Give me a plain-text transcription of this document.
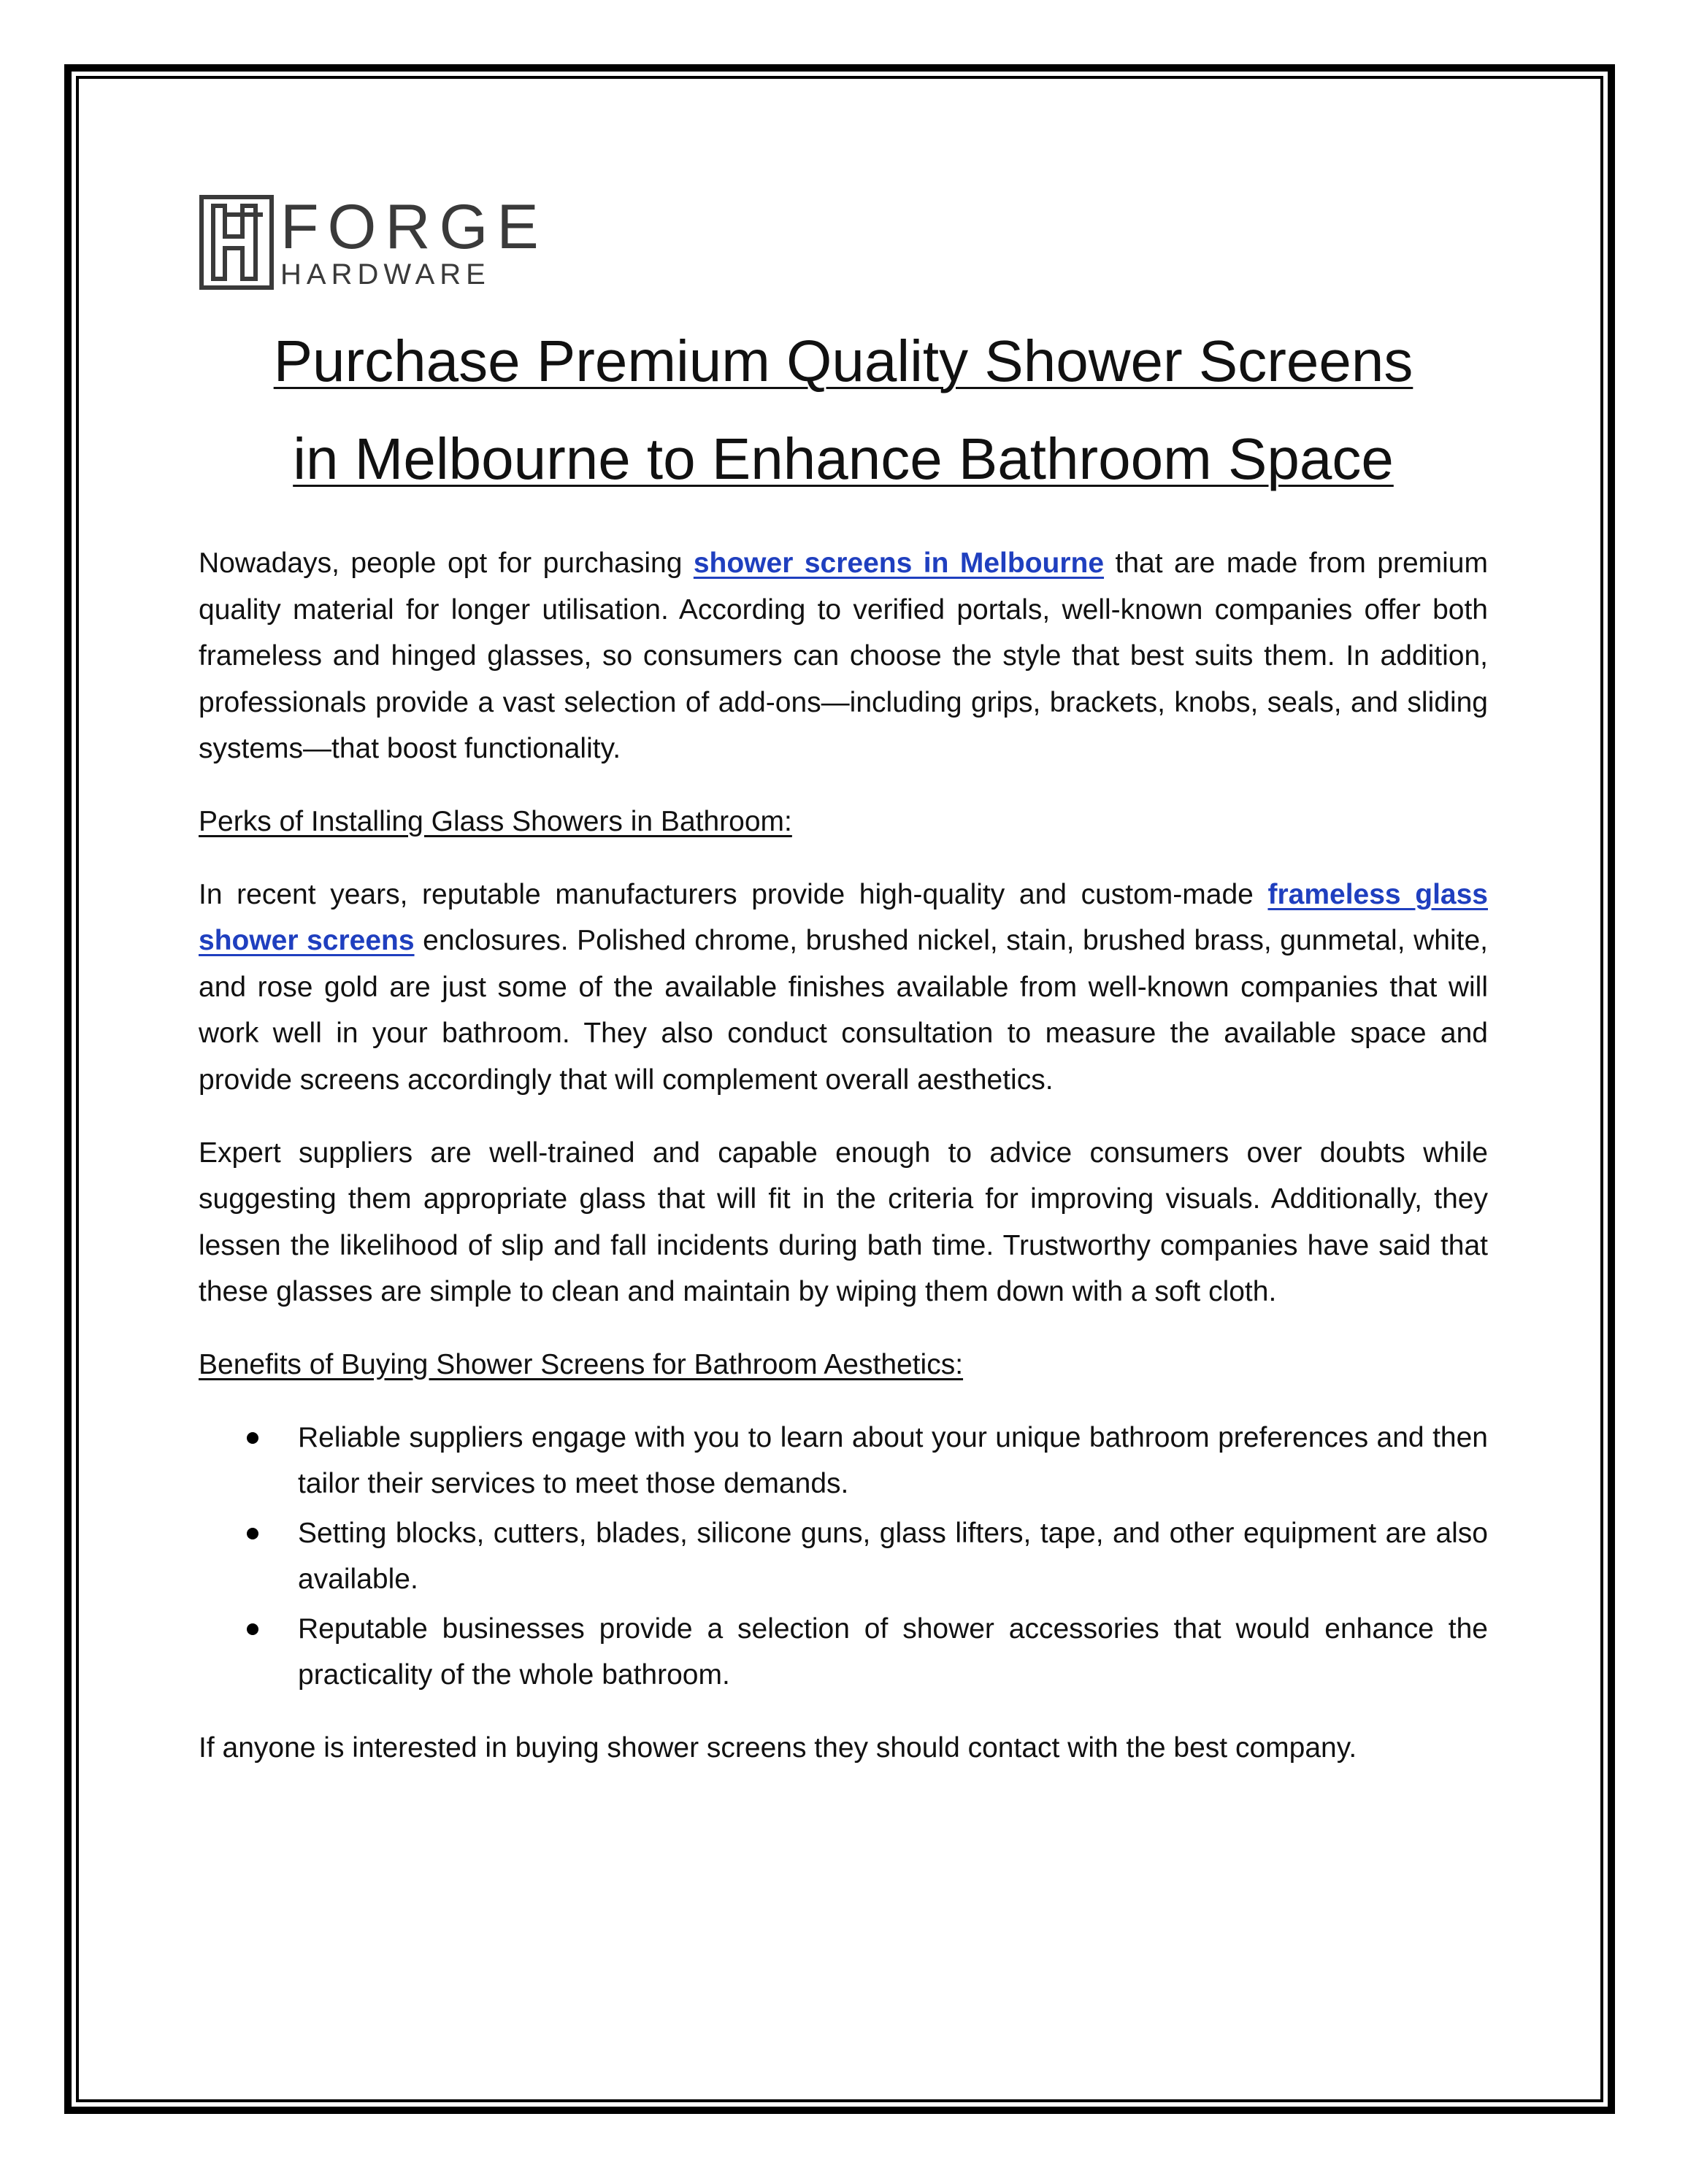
FORGE
HARDWARE
Purchase Premium Quality Shower Screens
in Melbourne to Enhance Bathroom Space

Nowadays, people opt for purchasing shower screens in Melbourne that are made from premium quality material for longer utilisation. According to verified portals, well-known companies offer both frameless and hinged glasses, so consumers can choose the style that best suits them. In addition, professionals provide a vast selection of add-ons—including grips, brackets, knobs, seals, and sliding systems—that boost functionality.

Perks of Installing Glass Showers in Bathroom:

In recent years, reputable manufacturers provide high-quality and custom-made frameless glass shower screens enclosures. Polished chrome, brushed nickel, stain, brushed brass, gunmetal, white, and rose gold are just some of the available finishes available from well-known companies that will work well in your bathroom. They also conduct consultation to measure the available space and provide screens accordingly that will complement overall aesthetics.

Expert suppliers are well-trained and capable enough to advice consumers over doubts while suggesting them appropriate glass that will fit in the criteria for improving visuals. Additionally, they lessen the likelihood of slip and fall incidents during bath time. Trustworthy companies have said that these glasses are simple to clean and maintain by wiping them down with a soft cloth.

Benefits of Buying Shower Screens for Bathroom Aesthetics:

Reliable suppliers engage with you to learn about your unique bathroom preferences and then tailor their services to meet those demands.
Setting blocks, cutters, blades, silicone guns, glass lifters, tape, and other equipment are also available.
Reputable businesses provide a selection of shower accessories that would enhance the practicality of the whole bathroom.

If anyone is interested in buying shower screens they should contact with the best company.
